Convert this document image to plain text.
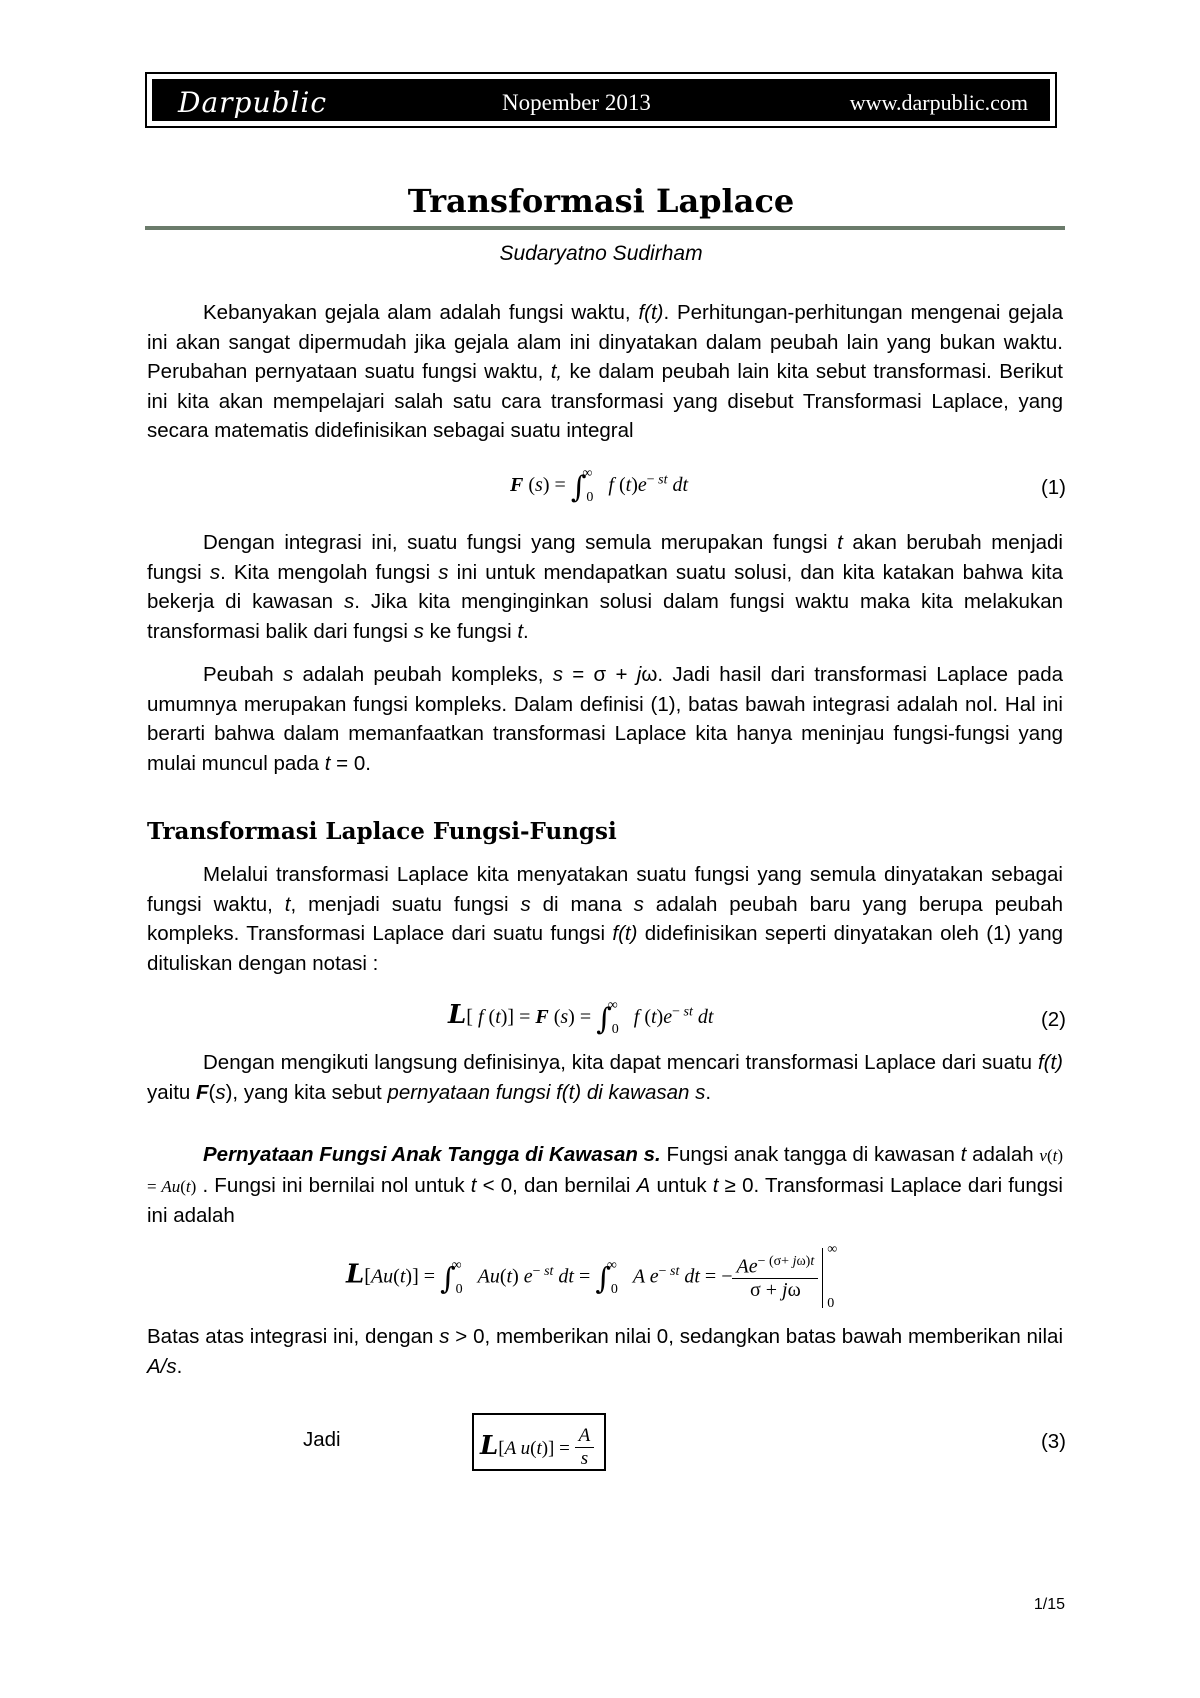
Darpublic	Nopember 2013	www.darpublic.com
Transformasi Laplace
Sudaryatno Sudirham
Kebanyakan gejala alam adalah fungsi waktu, f(t). Perhitungan-perhitungan mengenai gejala ini akan sangat dipermudah jika gejala alam ini dinyatakan dalam peubah lain yang bukan waktu. Perubahan pernyataan suatu fungsi waktu, t, ke dalam peubah lain kita sebut transformasi. Berikut ini kita akan mempelajari salah satu cara transformasi yang disebut Transformasi Laplace, yang secara matematis didefinisikan sebagai suatu integral
F $(s) = \int^\infty_0$ f $(t)e^{- st}$ dt	(1)
Dengan integrasi ini, suatu fungsi yang semula merupakan fungsi t akan berubah menjadi fungsi s. Kita mengolah fungsi s ini untuk mendapatkan suatu solusi, dan kita katakan bahwa kita bekerja di kawasan s. Jika kita menginginkan solusi dalam fungsi waktu maka kita melakukan transformasi balik dari fungsi s ke fungsi t.
Peubah s adalah peubah kompleks, s = σ + jω. Jadi hasil dari transformasi Laplace pada umumnya merupakan fungsi kompleks. Dalam definisi (1), batas bawah integrasi adalah nol. Hal ini berarti bahwa dalam memanfaatkan transformasi Laplace kita hanya meninjau fungsi-fungsi yang mulai muncul pada t = 0.
Transformasi Laplace Fungsi-Fungsi
Melalui transformasi Laplace kita menyatakan suatu fungsi yang semula dinyatakan sebagai fungsi waktu, t, menjadi suatu fungsi s di mana s adalah peubah baru yang berupa peubah kompleks. Transformasi Laplace dari suatu fungsi f(t) didefinisikan seperti dinyatakan oleh (1) yang dituliskan dengan notasi :
L[ f (t)] = F $(s) = \int^\infty_0$ f $(t)e^{- st}$ dt	(2)
Dengan mengikuti langsung definisinya, kita dapat mencari transformasi Laplace dari suatu f(t) yaitu F(s), yang kita sebut pernyataan fungsi f(t) di kawasan s.
Pernyataan Fungsi Anak Tangga di Kawasan s. Fungsi anak tangga di kawasan t adalah v(t) = Au(t) . Fungsi ini bernilai nol untuk t < 0, dan bernilai A untuk t ≥ 0. Transformasi Laplace dari fungsi ini adalah
$L[Au(t)] = \int^\infty_0$ Au(t) $e^{- st}$ dt = $\int^\infty_0$ A $e^{- st}$ dt = − $\frac{Ae^{- (\sigma+ j\omega)t}}{\sigma + j\omega}$
∞
0
Batas atas integrasi ini, dengan s > 0, memberikan nilai 0, sedangkan batas bawah memberikan nilai A/s.
Jadi	L[A $u(t)] = \frac{A}{s}$	(3)
1/15
